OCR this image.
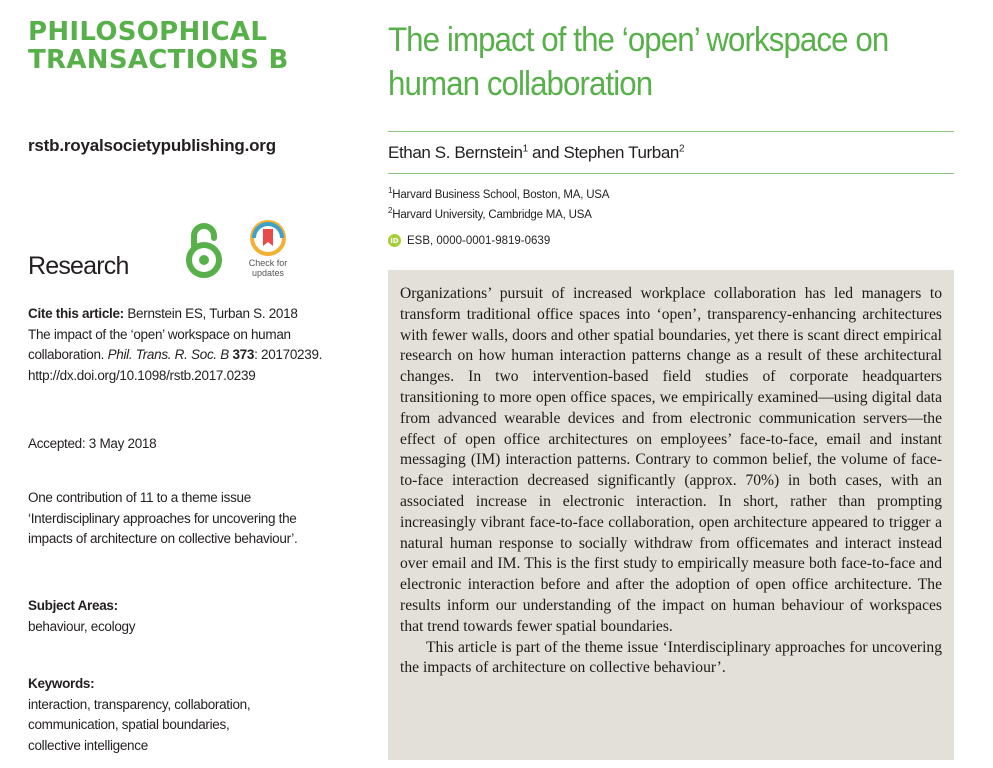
PHILOSOPHICAL
TRANSACTIONS B
rstb.royalsocietypublishing.org
Research	Check for
updates
Cite this article: Bernstein ES, Turban S. 2018
The impact of the ‘open’ workspace on human
collaboration. Phil. Trans. R. Soc. B 373: 20170239.
http://dx.doi.org/10.1098/rstb.2017.0239
Accepted: 3 May 2018
One contribution of 11 to a theme issue
‘Interdisciplinary approaches for uncovering the
impacts of architecture on collective behaviour’.
Subject Areas:
behaviour, ecology
Keywords:
interaction, transparency, collaboration,
communication, spatial boundaries,
collective intelligence
The impact of the ‘open’ workspace on
human collaboration
Ethan S. Bernstein$^1$ and Stephen Turban$^2$
$^1$Harvard Business School, Boston, MA, USA
$^2$Harvard University, Cambridge MA, USA
iD ESB, 0000-0001-9819-0639

Organizations’ pursuit of increased workplace collaboration has led managers to transform traditional office spaces into ‘open’, transparency-enhancing architectures with fewer walls, doors and other spatial boundaries, yet there is scant direct empirical research on how human interaction patterns change as a result of these architectural changes. In two intervention-based field studies of corporate headquarters transitioning to more open office spaces, we empirically examined—using digital data from advanced wearable devices and from electronic communication servers—the effect of open office architectures on employees’ face-to-face, email and instant messaging (IM) interaction patterns. Contrary to common belief, the volume of face-to-face interaction decreased significantly (approx. 70%) in both cases, with an associated increase in electronic interaction. In short, rather than prompting increasingly vibrant face-to-face collaboration, open architecture appeared to trigger a natural human response to socially withdraw from officemates and interact instead over email and IM. This is the first study to empirically measure both face-to-face and electronic interaction before and after the adoption of open office architecture. The results inform our understanding of the impact on human behaviour of workspaces that trend towards fewer spatial boundaries.

This article is part of the theme issue ‘Interdisciplinary approaches for uncovering the impacts of architecture on collective behaviour’.
